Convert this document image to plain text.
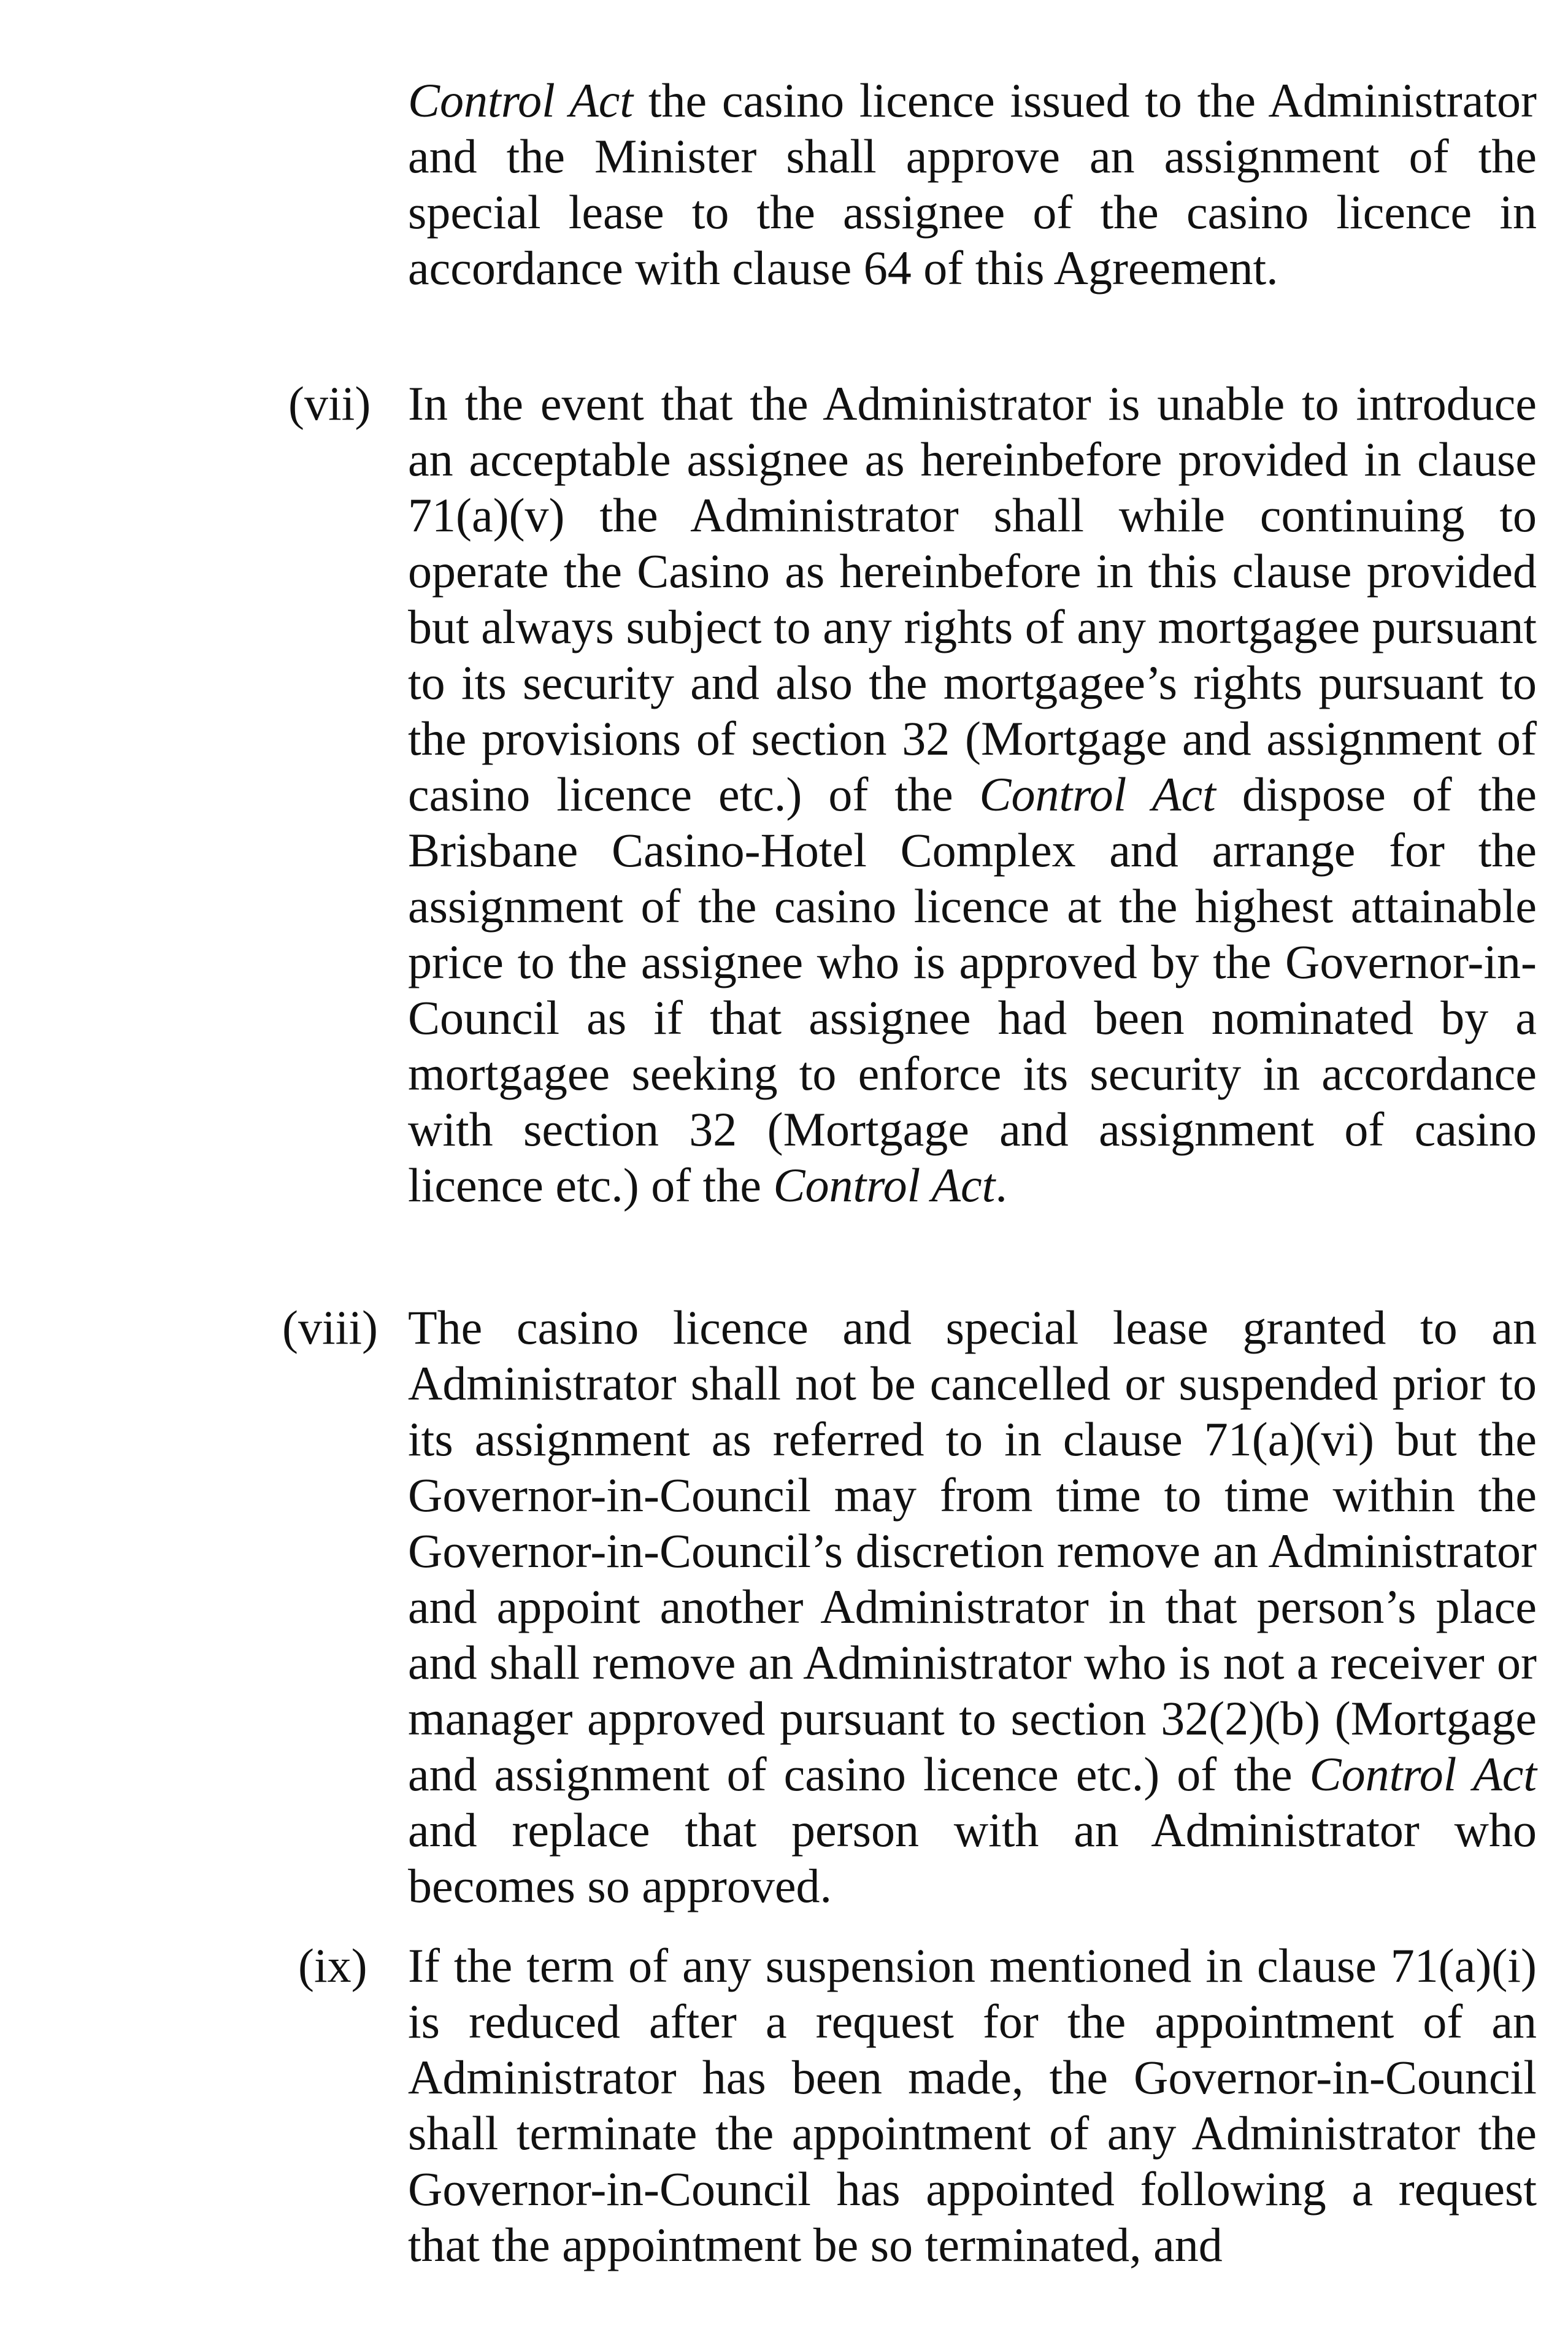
Control Act the casino licence issued to the Administrator and the Minister shall approve an assignment of the special lease to the assignee of the casino licence in accordance with clause 64 of this Agreement.

(vii) In the event that the Administrator is unable to introduce an acceptable assignee as hereinbefore provided in clause 71(a)(v) the Administrator shall while continuing to operate the Casino as hereinbefore in this clause provided but always subject to any rights of any mortgagee pursuant to its security and also the mortgagee’s rights pursuant to the provisions of section 32 (Mortgage and assignment of casino licence etc.) of the Control Act dispose of the Brisbane Casino-Hotel Complex and arrange for the assignment of the casino licence at the highest attainable price to the assignee who is approved by the Governor-in-Council as if that assignee had been nominated by a mortgagee seeking to enforce its security in accordance with section 32 (Mortgage and assignment of casino licence etc.) of the Control Act.

(viii) The casino licence and special lease granted to an Administrator shall not be cancelled or suspended prior to its assignment as referred to in clause 71(a)(vi) but the Governor-in-Council may from time to time within the Governor-in-Council’s discretion remove an Administrator and appoint another Administrator in that person’s place and shall remove an Administrator who is not a receiver or manager approved pursuant to section 32(2)(b) (Mortgage and assignment of casino licence etc.) of the Control Act and replace that person with an Administrator who becomes so approved.

(ix) If the term of any suspension mentioned in clause 71(a)(i) is reduced after a request for the appointment of an Administrator has been made, the Governor-in-Council shall terminate the appointment of any Administrator the Governor-in-Council has appointed following a request that the appointment be so terminated, and
